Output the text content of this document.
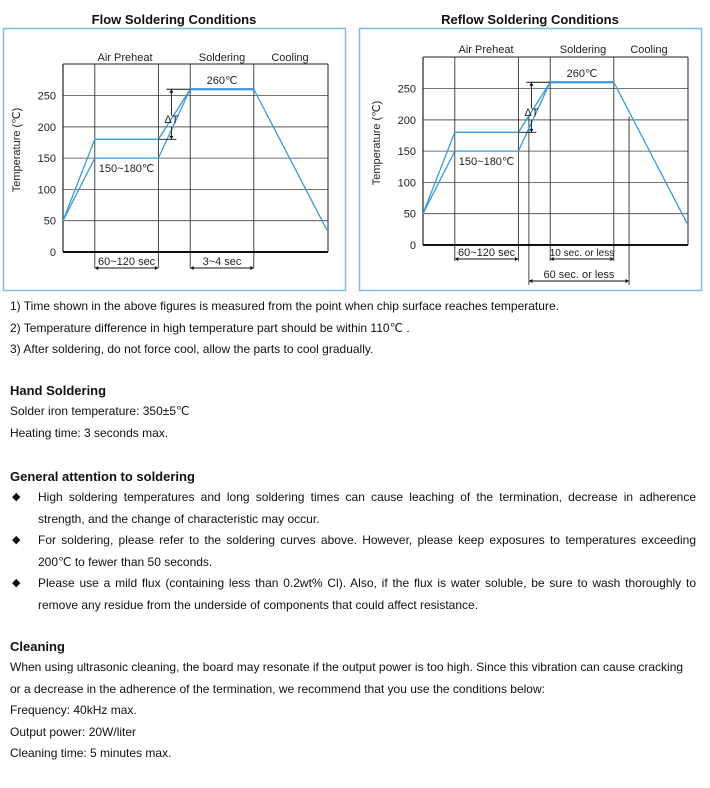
Flow Soldering Conditions	Reflow Soldering Conditions
50
100
150
200
250
0
Temperature (℃)
Air Preheat	Soldering Cooling
260℃
150~180℃
ΔT
60~120 sec	3~4 sec
50
100
150
200
250
0
Temperature (℃)
Air Preheat	Soldering Cooling
260℃
150~180℃
ΔT
60~120 sec	10 sec. or less
60 sec. or less

1) Time shown in the above figures is measured from the point when chip surface reaches temperature.

2) Temperature difference in high temperature part should be within 110℃ .

3) After soldering, do not force cool, allow the parts to cool gradually.

Hand Soldering

Solder iron temperature: 350±5℃

Heating time: 3 seconds max.

General attention to soldering
◆ High soldering temperatures and long soldering times can cause leaching of the termination, decrease in adherence strength, and the change of characteristic may occur.
◆ For soldering, please refer to the soldering curves above. However, please keep exposures to temperatures exceeding 200℃ to fewer than 50 seconds.
◆ Please use a mild flux (containing less than 0.2wt% Cl). Also, if the flux is water soluble, be sure to wash thoroughly to remove any residue from the underside of components that could affect resistance.
Cleaning

When using ultrasonic cleaning, the board may resonate if the output power is too high. Since this vibration can cause cracking or a decrease in the adherence of the termination, we recommend that you use the conditions below:

Frequency: 40kHz max.

Output power: 20W/liter

Cleaning time: 5 minutes max.
